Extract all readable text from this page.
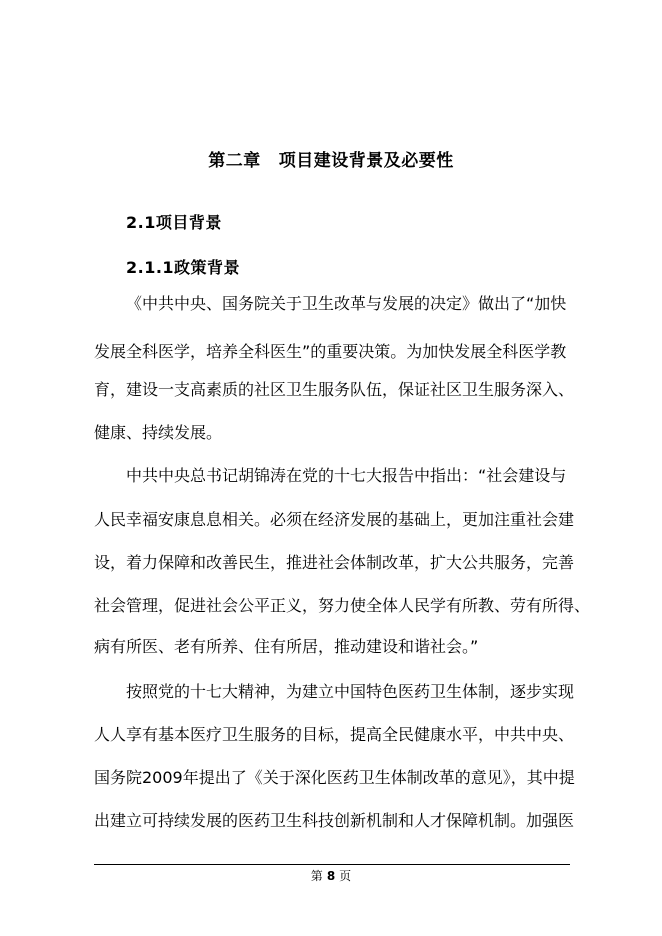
第二章 项目建设背景及必要性
2.1项目背景
2.1.1政策背景
《中共中央、国务院关于卫生改革与发展的决定》做出了“加快
发展全科医学，培养全科医生”的重要决策。为加快发展全科医学教
育，建设一支高素质的社区卫生服务队伍，保证社区卫生服务深入、
健康、持续发展。
中共中央总书记胡锦涛在党的十七大报告中指出：“社会建设与
人民幸福安康息息相关。必须在经济发展的基础上，更加注重社会建
设，着力保障和改善民生，推进社会体制改革，扩大公共服务，完善
社会管理，促进社会公平正义，努力使全体人民学有所教、劳有所得、
病有所医、老有所养、住有所居，推动建设和谐社会。”
按照党的十七大精神，为建立中国特色医药卫生体制，逐步实现
人人享有基本医疗卫生服务的目标，提高全民健康水平，中共中央、
国务院2009年提出了《关于深化医药卫生体制改革的意见》，其中提
出建立可持续发展的医药卫生科技创新机制和人才保障机制。加强医
第 8 页
